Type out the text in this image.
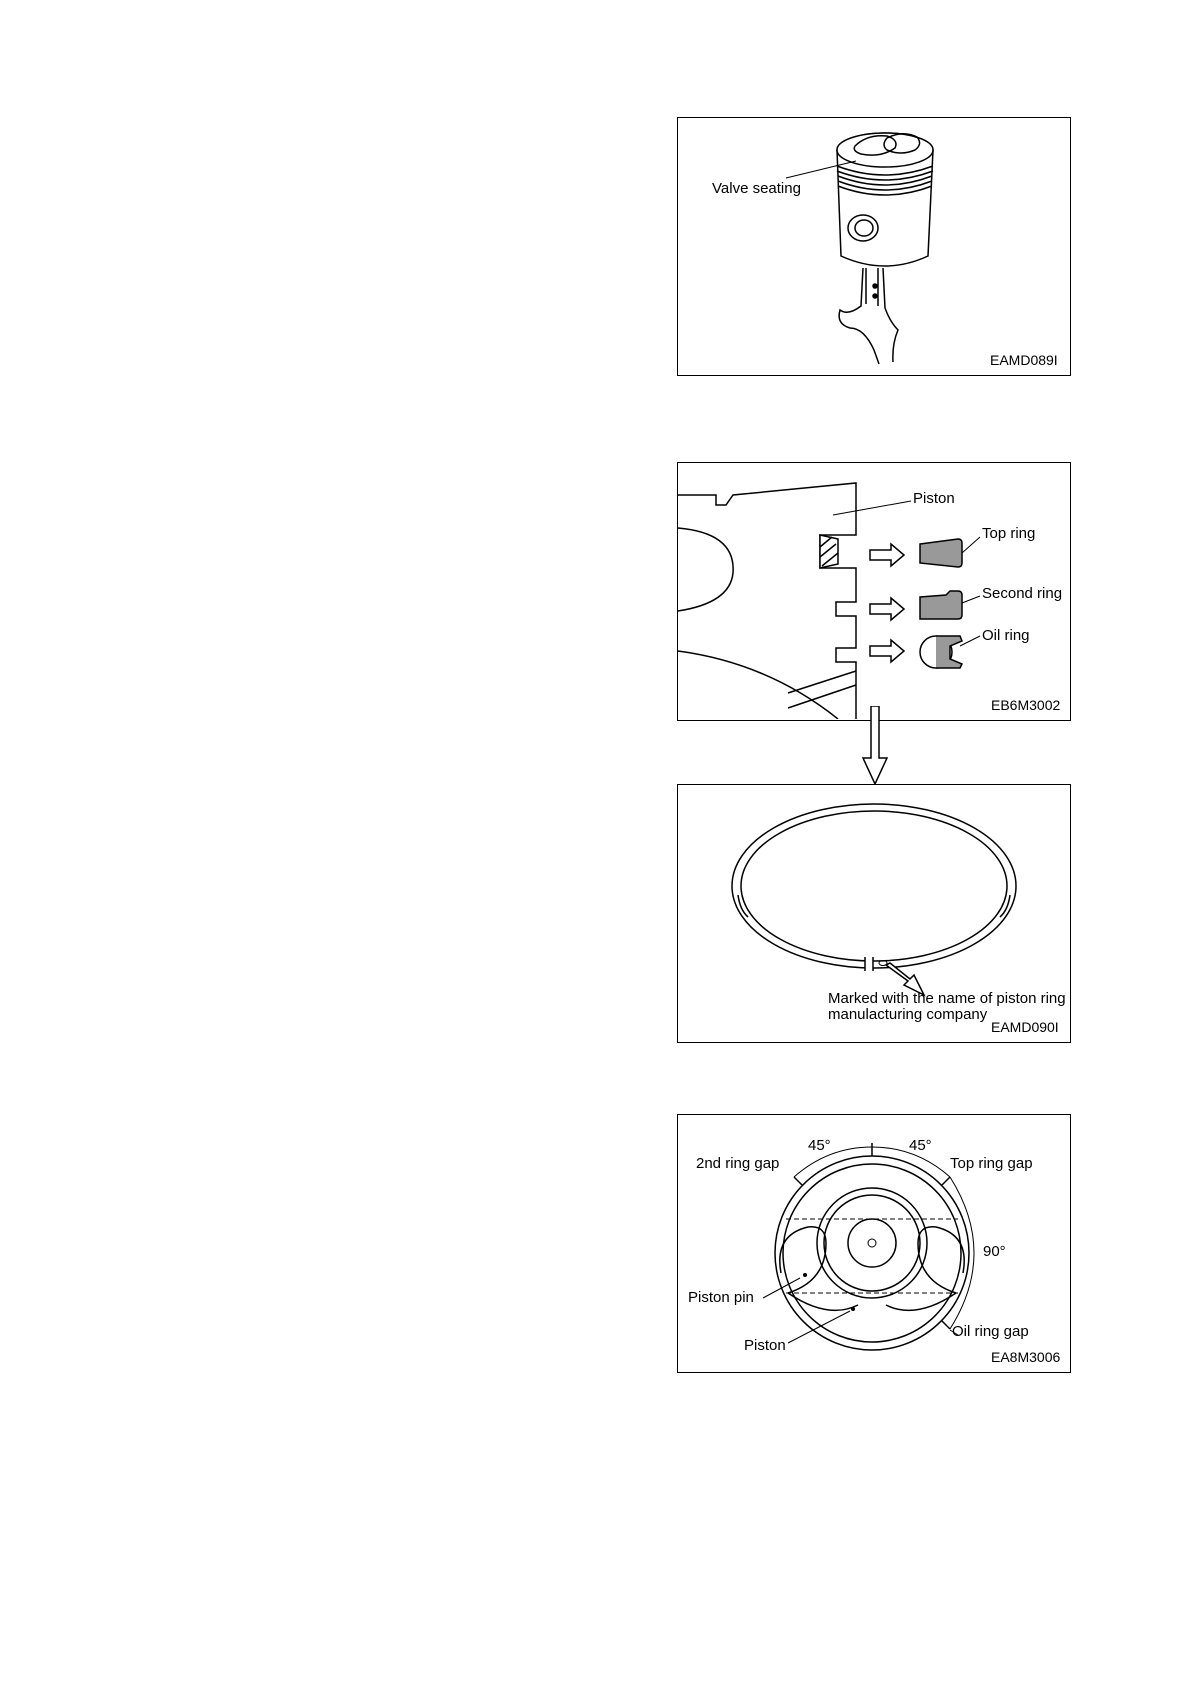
Valve seating
EAMD089I
Piston
Top ring
Second ring
Oil ring
EB6M3002
Marked with the name of piston ring
manulacturing company
EAMD090I
45°	45°
2nd ring gap	Top ring gap
90°
Piston pin
Piston
Oil ring gap
EA8M3006
